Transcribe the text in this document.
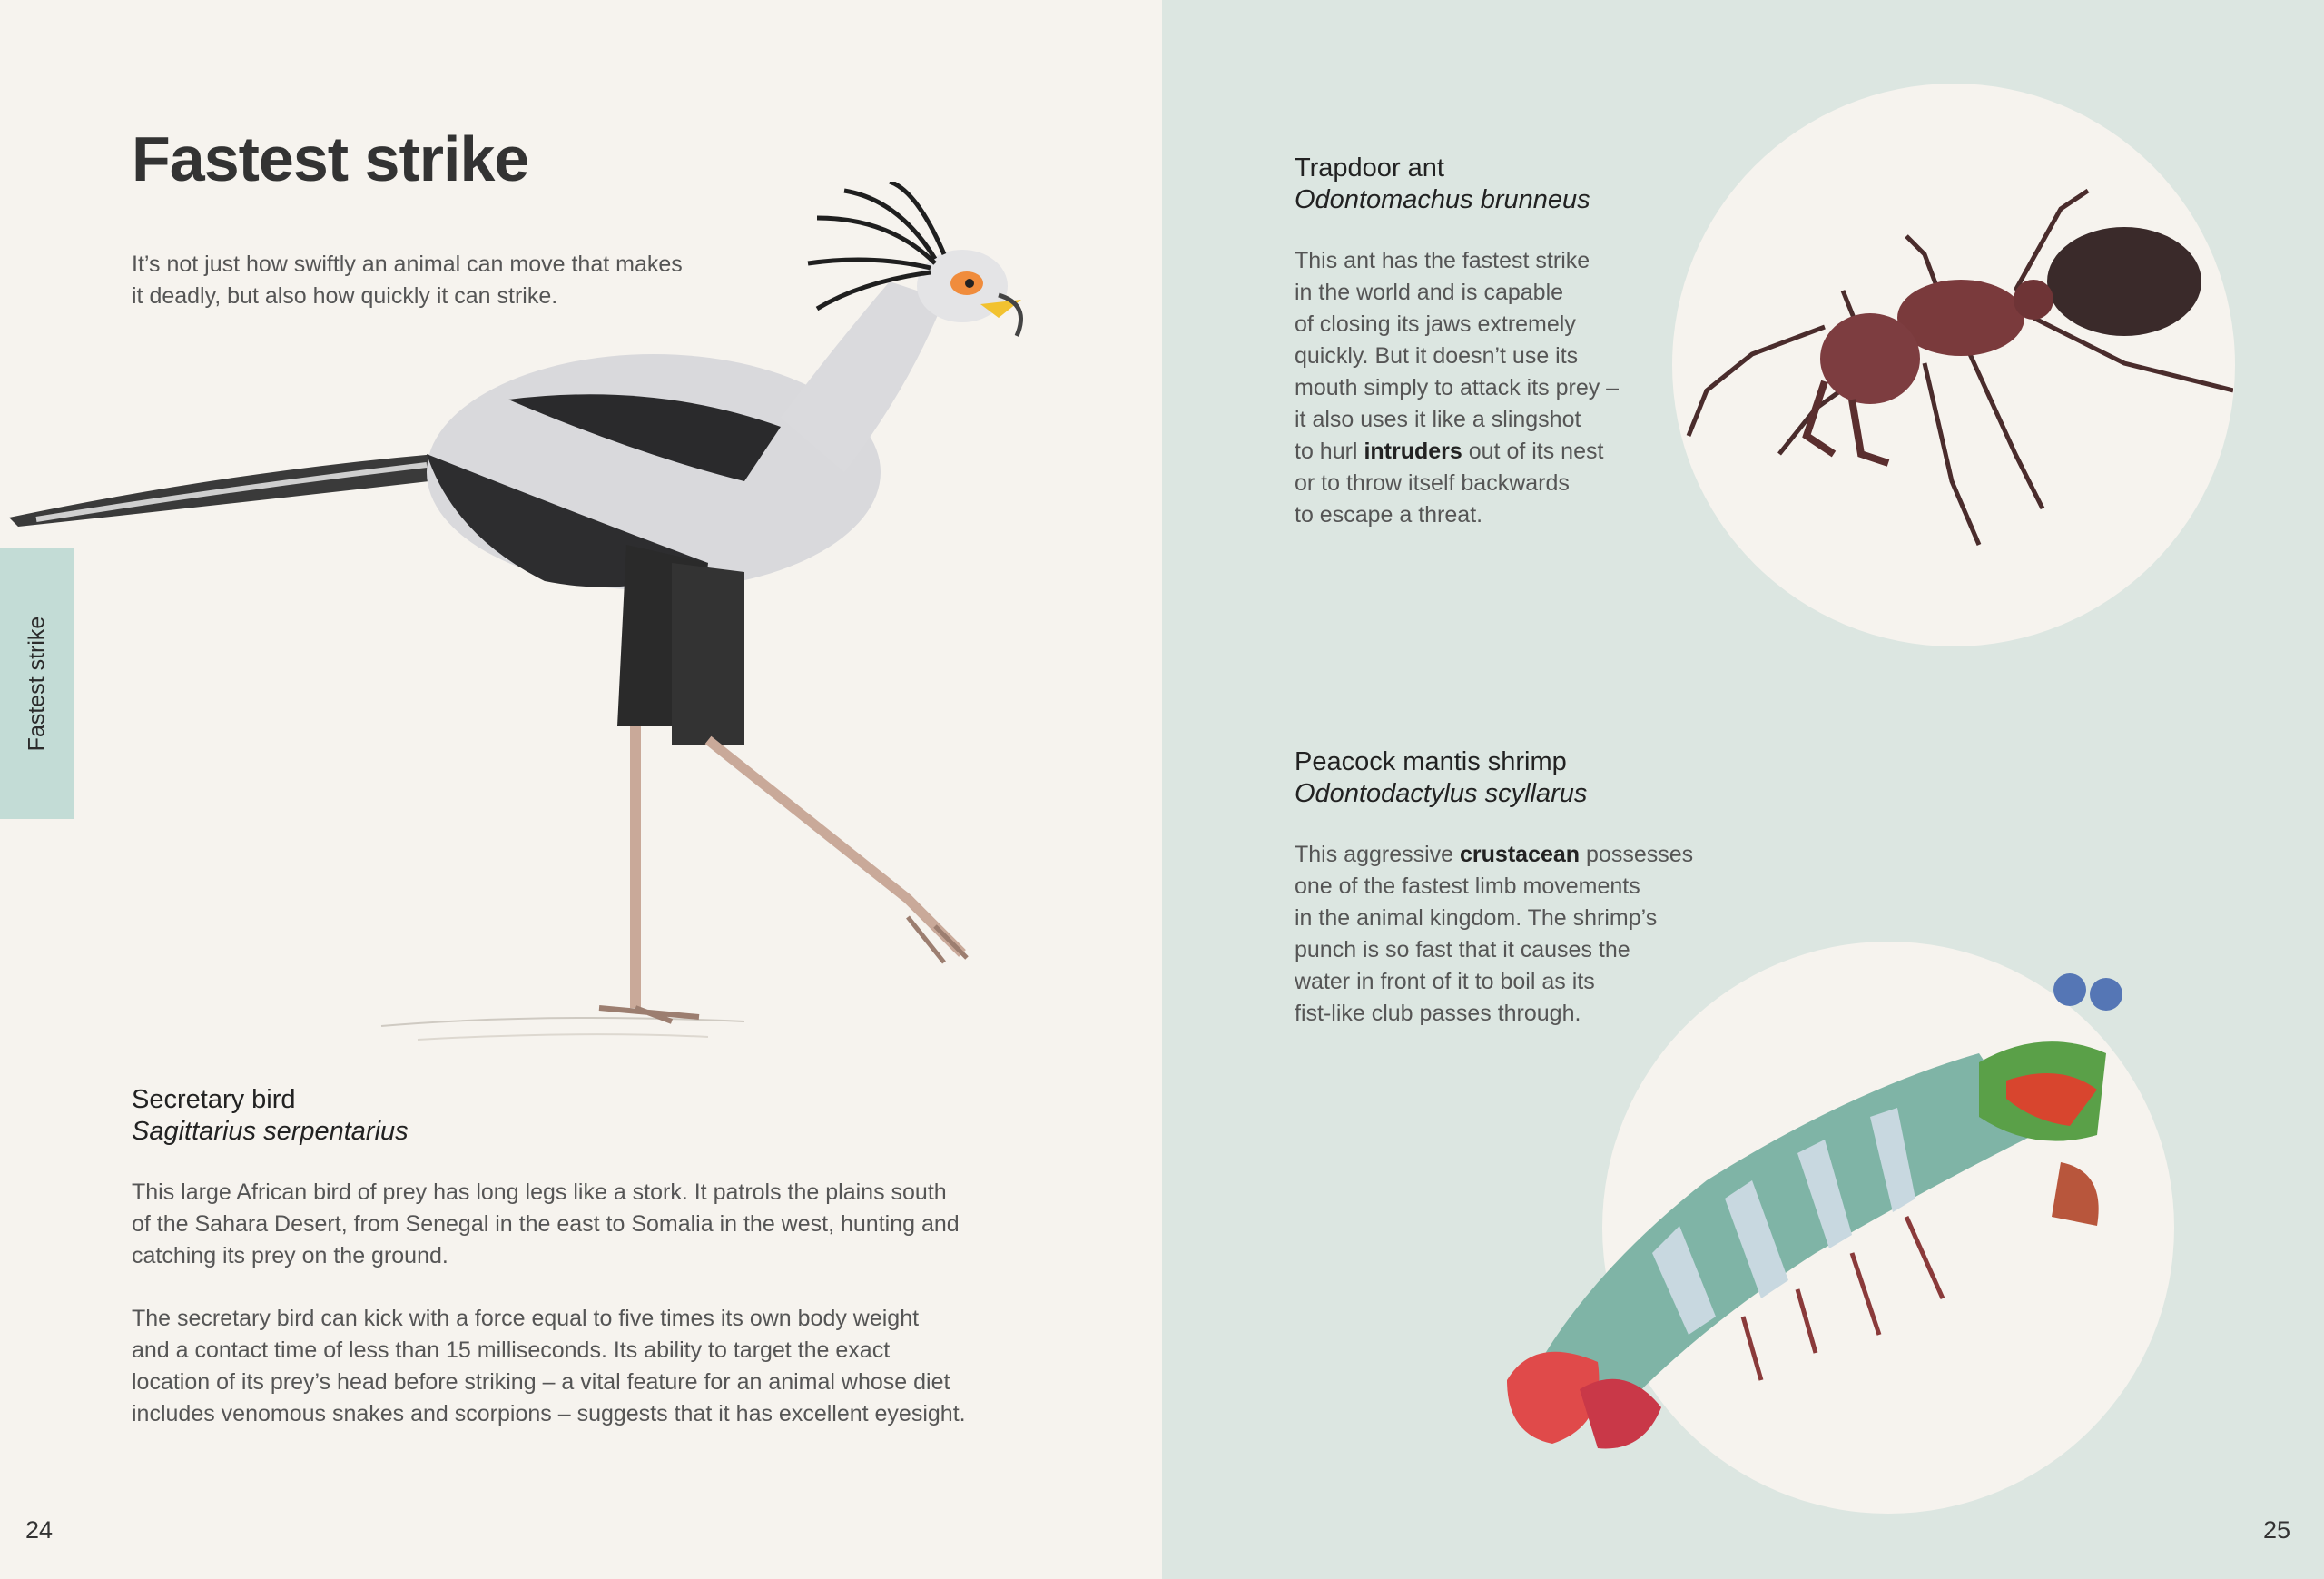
Fastest strike
Fastest strike
It’s not just how swiftly an animal can move that makes
it deadly, but also how quickly it can strike.
Secretary bird
Sagittarius serpentarius
This large African bird of prey has long legs like a stork. It patrols the plains south
of the Sahara Desert, from Senegal in the east to Somalia in the west, hunting and
catching its prey on the ground.
The secretary bird can kick with a force equal to five times its own body weight
and a contact time of less than 15 milliseconds. Its ability to target the exact
location of its prey’s head before striking – a vital feature for an animal whose diet
includes venomous snakes and scorpions – suggests that it has excellent eyesight.
24
Trapdoor ant
Odontomachus brunneus
This ant has the fastest strike
in the world and is capable
of closing its jaws extremely
quickly. But it doesn’t use its
mouth simply to attack its prey –
it also uses it like a slingshot
to hurl intruders out of its nest
or to throw itself backwards
to escape a threat.
Peacock mantis shrimp
Odontodactylus scyllarus
This aggressive crustacean possesses
one of the fastest limb movements
in the animal kingdom. The shrimp’s
punch is so fast that it causes the
water in front of it to boil as its
fist-like club passes through.
25
